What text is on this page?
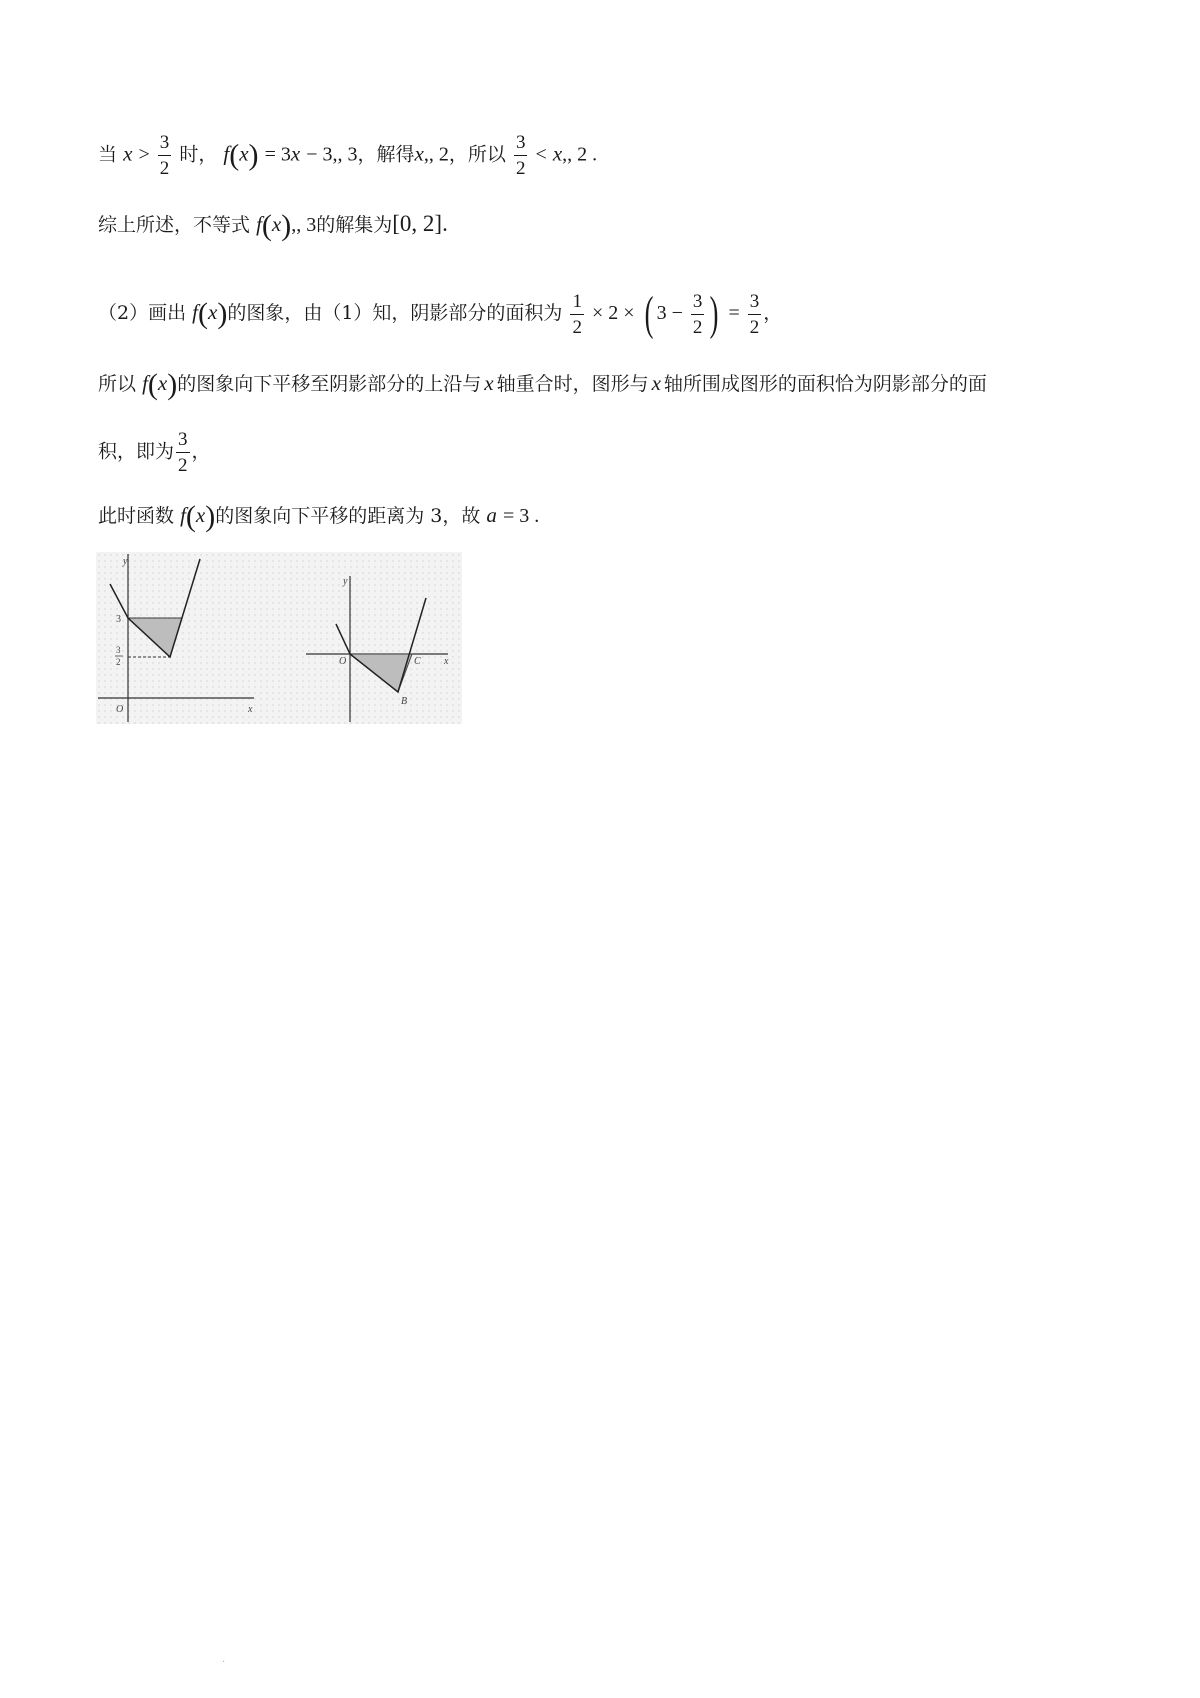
当 $x > \frac{3}{2}$ 时， f(x) = 3x − 3,, 3，解得x,, 2，所以 $\frac{3}{2} < x$,, 2 .
综上所述，不等式 f(x),, 3的解集为[0, 2].
（2）画出 f(x)的图象，由（1）知，阴影部分的面积为 $\frac{1}{2} \times 2$ × ( $3 - \frac{3}{2}$ ) = $\frac{3}{2}$ ，
所以 f(x)的图象向下平移至阴影部分的上沿与 x 轴重合时，图形与 x 轴所围成图形的面积恰为阴影部分的面
积，即为 $\frac{3}{2}$ ，
此时函数 f(x)的图象向下平移的距离为 3，故 a = 3 .
y
x
O
3
3
2
y
x
O	C
B
.
